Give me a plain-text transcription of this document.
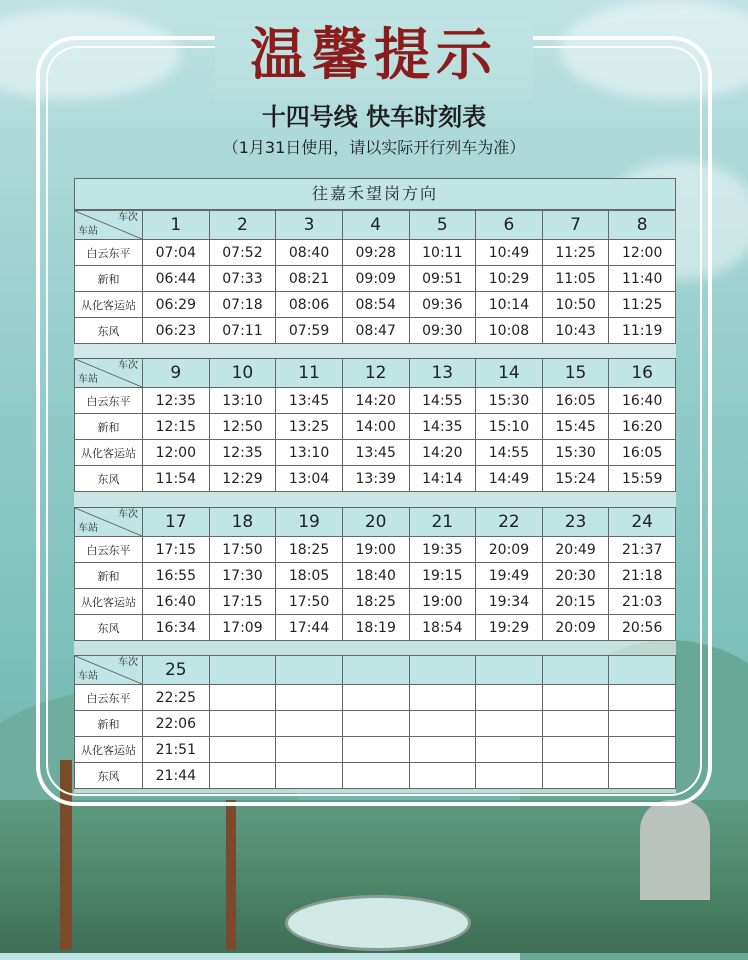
温馨提示
十四号线 快车时刻表
（1月31日使用，请以实际开行列车为准）
往嘉禾望岗方向
车次
车站	1	2	3	4	5	6	7	8
白云东平	07:04	07:52	08:40	09:28	10:11	10:49	11:25	12:00
新和	06:44	07:33	08:21	09:09	09:51	10:29	11:05	11:40
从化客运站	06:29	07:18	08:06	08:54	09:36	10:14	10:50	11:25
东风	06:23	07:11	07:59	08:47	09:30	10:08	10:43	11:19
车次
车站	9	10	11	12	13	14	15	16
白云东平	12:35	13:10	13:45	14:20	14:55	15:30	16:05	16:40
新和	12:15	12:50	13:25	14:00	14:35	15:10	15:45	16:20
从化客运站	12:00	12:35	13:10	13:45	14:20	14:55	15:30	16:05
东风	11:54	12:29	13:04	13:39	14:14	14:49	15:24	15:59
车次
车站	17	18	19	20	21	22	23	24
白云东平	17:15	17:50	18:25	19:00	19:35	20:09	20:49	21:37
新和	16:55	17:30	18:05	18:40	19:15	19:49	20:30	21:18
从化客运站	16:40	17:15	17:50	18:25	19:00	19:34	20:15	21:03
东风	16:34	17:09	17:44	18:19	18:54	19:29	20:09	20:56
车次
车站	25							
白云东平	22:25							
新和	22:06							
从化客运站	21:51							
东风	21:44							
